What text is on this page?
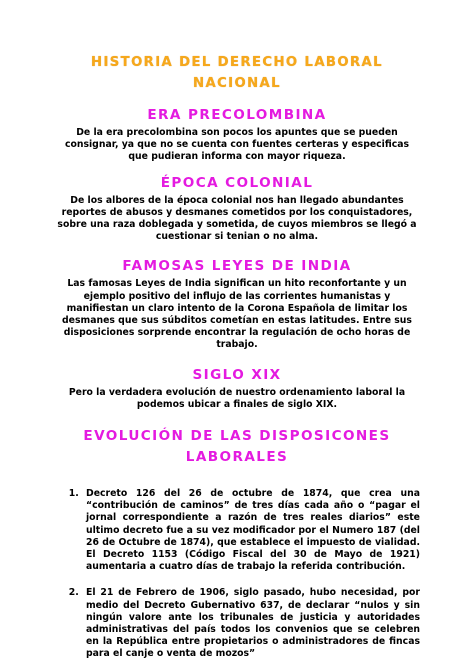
HISTORIA DEL DERECHO LABORAL NACIONAL
ERA PRECOLOMBINA

De la era precolombina son pocos los apuntes que se pueden consignar, ya que no se cuenta con fuentes certeras y especificas que pudieran informa con mayor riqueza.

ÉPOCA COLONIAL

De los albores de la época colonial nos han llegado abundantes reportes de abusos y desmanes cometidos por los conquistadores, sobre una raza doblegada y sometida, de cuyos miembros se llegó a cuestionar si tenian o no alma.

FAMOSAS LEYES DE INDIA

Las famosas Leyes de India significan un hito reconfortante y un ejemplo positivo del influjo de las corrientes humanistas y manifiestan un claro intento de la Corona Española de limitar los desmanes que sus súbditos cometían en estas latitudes. Entre sus disposiciones sorprende encontrar la regulación de ocho horas de trabajo.

SIGLO XIX

Pero la verdadera evolución de nuestro ordenamiento laboral la podemos ubicar a finales de siglo XIX.

EVOLUCIÓN DE LAS DISPOSICONES LABORALES
1. Decreto 126 del 26 de octubre de 1874, que crea una “contribución de caminos” de tres días cada año o “pagar el jornal correspondiente a razón de tres reales diarios” este ultimo decreto fue a su vez modificador por el Numero 187 (del 26 de Octubre de 1874), que establece el impuesto de vialidad. El Decreto 1153 (Código Fiscal del 30 de Mayo de 1921) aumentaria a cuatro días de trabajo la referida contribución.
2. El 21 de Febrero de 1906, siglo pasado, hubo necesidad, por medio del Decreto Gubernativo 637, de declarar “nulos y sin ningún valore ante los tribunales de justicia y autoridades administrativas del país todos los convenios que se celebren en la República entre propietarios o administradores de fincas para el canje o venta de mozos”
